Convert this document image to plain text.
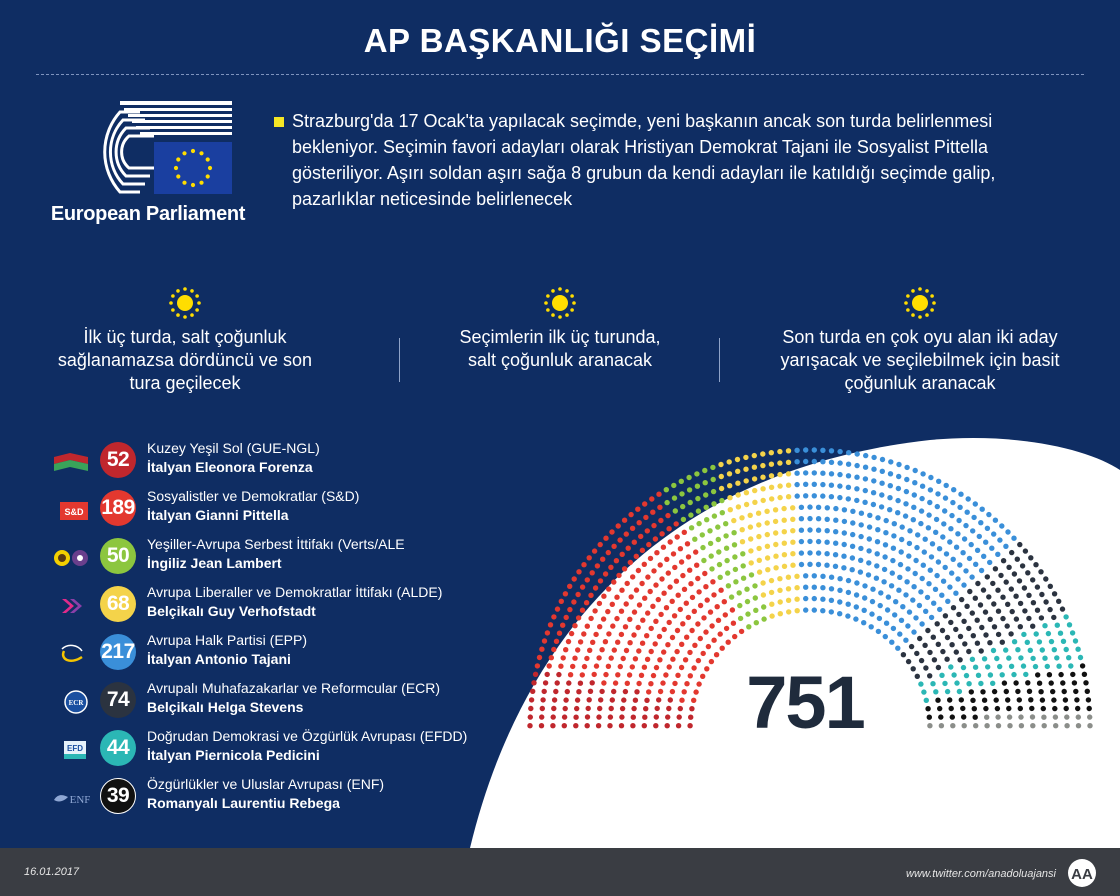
AP BAŞKANLIĞI SEÇİMİ
European Parliament
Strazburg'da 17 Ocak'ta yapılacak seçimde, yeni başkanın ancak son turda belirlenmesi bekleniyor. Seçimin favori adayları olarak Hristiyan Demokrat Tajani ile Sosyalist Pittella gösteriliyor. Aşırı soldan aşırı sağa 8 grubun da kendi adayları ile katıldığı seçimde galip, pazarlıklar neticesinde belirlenecek
İlk üç turda, salt çoğunluk sağlanamazsa dördüncü ve son tura geçilecek
Seçimlerin ilk üç turunda, salt çoğunluk aranacak
Son turda en çok oyu alan iki aday yarışacak ve seçilebilmek için basit çoğunluk aranacak
52	Kuzey Yeşil Sol (GUE-NGL)
İtalyan Eleonora Forenza
S&D 189 Sosyalistler ve Demokratlar (S&D)
İtalyan Gianni Pittella
50	Yeşiller-Avrupa Serbest İttifakı (Verts/ALE
İngiliz Jean Lambert
68	Avrupa Liberaller ve Demokratlar İttifakı (ALDE)
Belçikalı Guy Verhofstadt
217 Avrupa Halk Partisi (EPP)
İtalyan Antonio Tajani
ECR	74	Avrupalı Muhafazakarlar ve Reformcular (ECR)
Belçikalı Helga Stevens
EFD	44	Doğrudan Demokrasi ve Özgürlük Avrupası (EFDD)
İtalyan Piernicola Pedicini
ENF 39	Özgürlükler ve Uluslar Avrupası (ENF)
Romanyalı Laurentiu Rebega
751
16.01.2017	www.twitter.com/anadoluajansi AA
